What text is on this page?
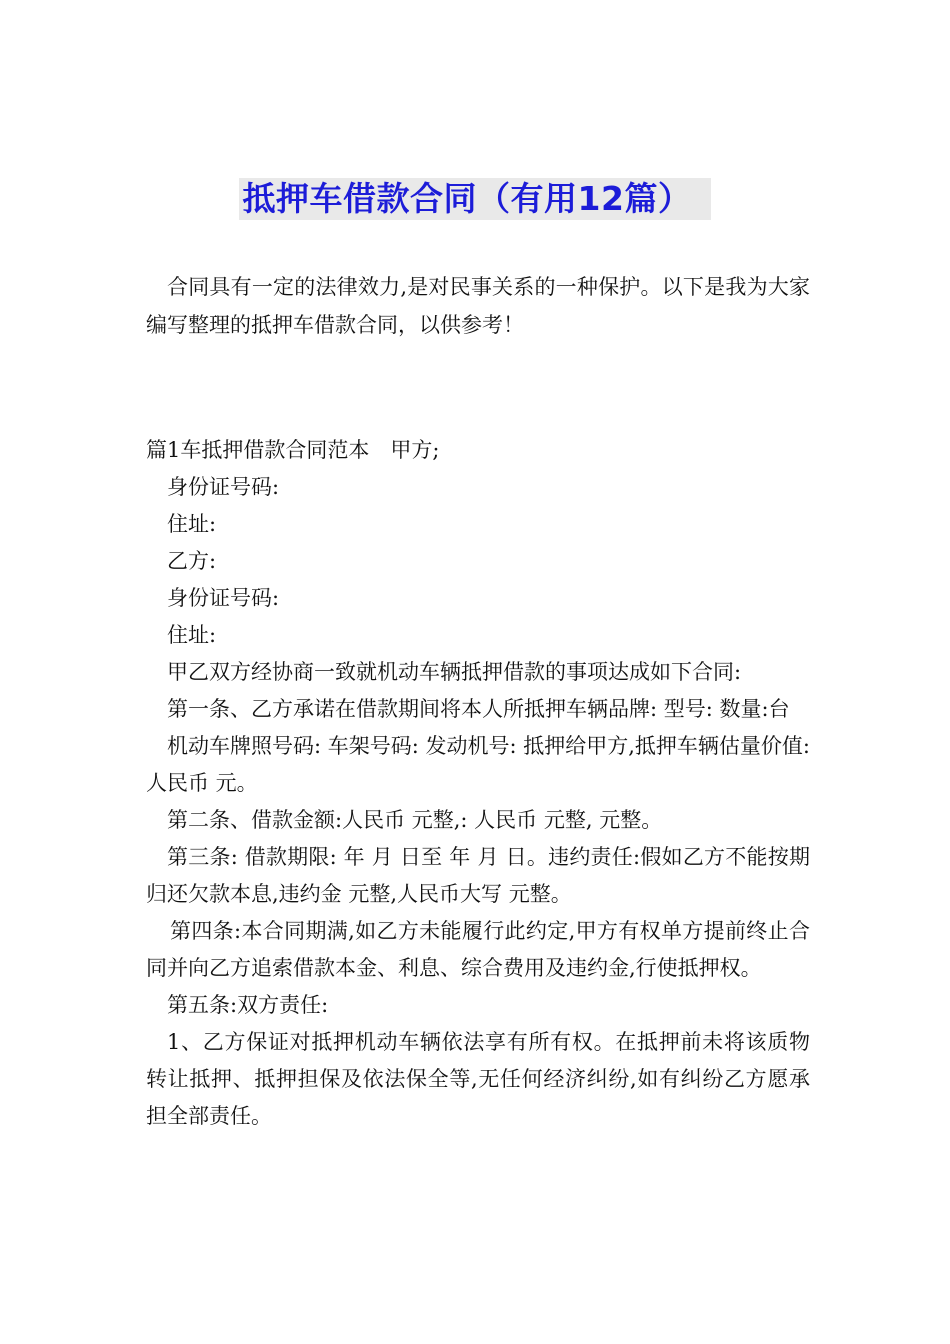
抵押车借款合同（有用12篇）

合同具有一定的法律效力,是对民事关系的一种保护。以下是我为大家编写整理的抵押车借款合同，以供参考！

篇1车抵押借款合同范本　甲方;

身份证号码:

住址:

乙方:

身份证号码:

住址:

甲乙双方经协商一致就机动车辆抵押借款的事项达成如下合同:

第一条、乙方承诺在借款期间将本人所抵押车辆品牌: 型号: 数量:台

机动车牌照号码: 车架号码: 发动机号: 抵押给甲方,抵押车辆估量价值:人民币 元。

第二条、借款金额:人民币 元整,: 人民币 元整, 元整。

第三条: 借款期限: 年 月 日至 年 月 日。违约责任:假如乙方不能按期归还欠款本息,违约金 元整,人民币大写 元整。

第四条:本合同期满,如乙方未能履行此约定,甲方有权单方提前终止合同并向乙方追索借款本金、利息、综合费用及违约金,行使抵押权。

第五条:双方责任:

1、乙方保证对抵押机动车辆依法享有所有权。在抵押前未将该质物转让抵押、抵押担保及依法保全等,无任何经济纠纷,如有纠纷乙方愿承担全部责任。
